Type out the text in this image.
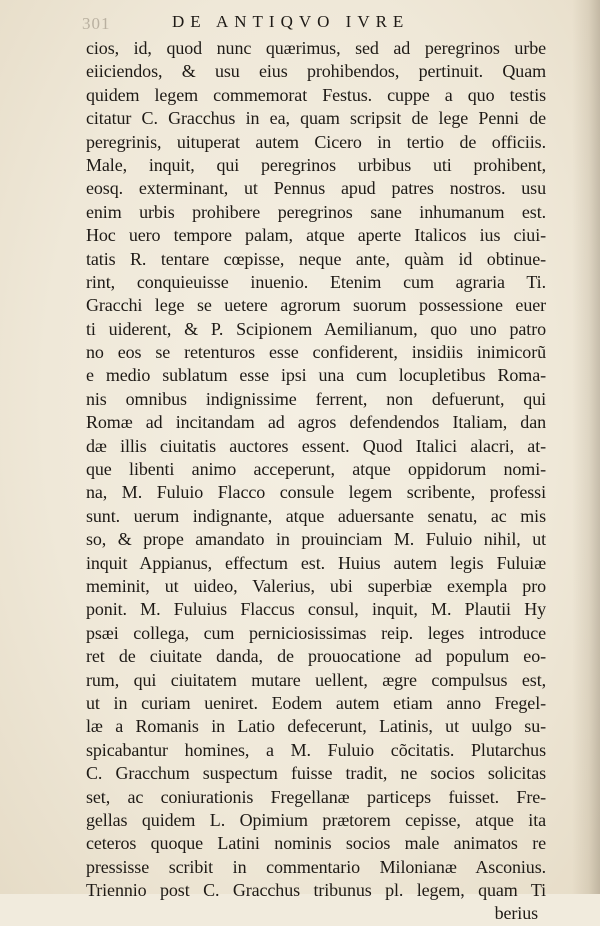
301	DE ANTIQVO IVRE
cios, id, quod nunc quærimus, sed ad peregrinos urbe
eiiciendos, & usu eius prohibendos, pertinuit. Quam
quidem legem commemorat Festus. cuppe a quo testis
citatur C. Gracchus in ea, quam scripsit de lege Penni de
peregrinis, uituperat autem Cicero in tertio de officiis.
Male, inquit, qui peregrinos urbibus uti prohibent,
eosq. exterminant, ut Pennus apud patres nostros. usu
enim urbis prohibere peregrinos sane inhumanum est.
Hoc uero tempore palam, atque aperte Italicos ius ciui-
tatis R. tentare cœpisse, neque ante, quàm id obtinue-
rint, conquieuisse inuenio. Etenim cum agraria Ti.
Gracchi lege se uetere agrorum suorum possessione euer
ti uiderent, & P. Scipionem Aemilianum, quo uno patro
no eos se retenturos esse confiderent, insidiis inimicorũ
e medio sublatum esse ipsi una cum locupletibus Roma-
nis omnibus indignissime ferrent, non defuerunt, qui
Romæ ad incitandam ad agros defendendos Italiam, dan
dæ illis ciuitatis auctores essent. Quod Italici alacri, at-
que libenti animo acceperunt, atque oppidorum nomi-
na, M. Fuluio Flacco consule legem scribente, professi
sunt. uerum indignante, atque aduersante senatu, ac mis
so, & prope amandato in prouinciam M. Fuluio nihil, ut
inquit Appianus, effectum est. Huius autem legis Fuluiæ
meminit, ut uideo, Valerius, ubi superbiæ exempla pro
ponit. M. Fuluius Flaccus consul, inquit, M. Plautii Hy
psæi collega, cum perniciosissimas reip. leges introduce
ret de ciuitate danda, de prouocatione ad populum eo-
rum, qui ciuitatem mutare uellent, ægre compulsus est,
ut in curiam ueniret. Eodem autem etiam anno Fregel-
læ a Romanis in Latio defecerunt, Latinis, ut uulgo su-
spicabantur homines, a M. Fuluio cõcitatis. Plutarchus
C. Gracchum suspectum fuisse tradit, ne socios solicitas
set, ac coniurationis Fregellanæ particeps fuisset. Fre-
gellas quidem L. Opimium prætorem cepisse, atque ita
ceteros quoque Latini nominis socios male animatos re
pressisse scribit in commentario Milonianæ Asconius.
Triennio post C. Gracchus tribunus pl. legem, quam Ti
berius
